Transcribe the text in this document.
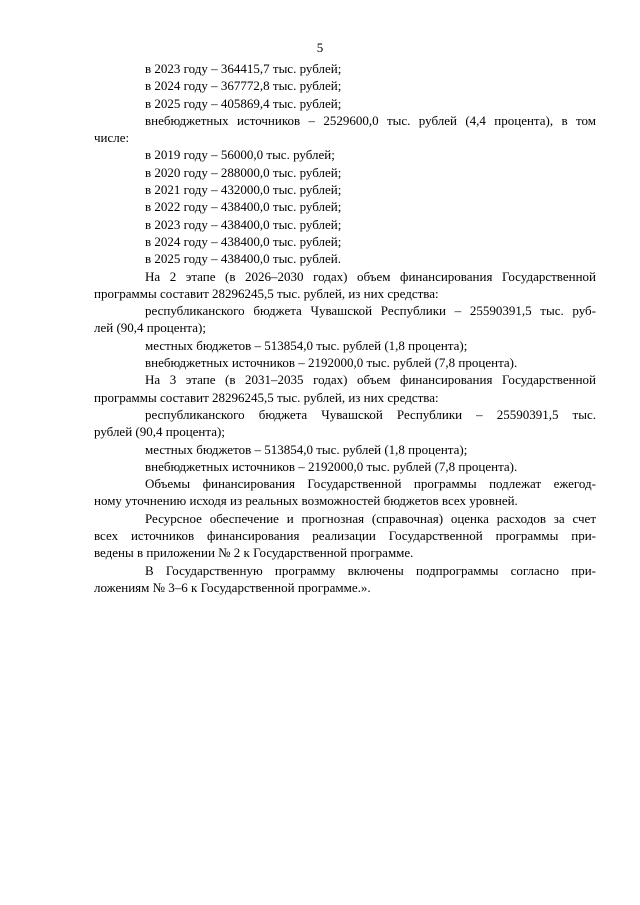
5
в 2023 году – 364415,7 тыс. рублей;
в 2024 году – 367772,8 тыс. рублей;
в 2025 году – 405869,4 тыс. рублей;
внебюджетных источников – 2529600,0 тыс. рублей (4,4 процента), в том
числе:
в 2019 году – 56000,0 тыс. рублей;
в 2020 году – 288000,0 тыс. рублей;
в 2021 году – 432000,0 тыс. рублей;
в 2022 году – 438400,0 тыс. рублей;
в 2023 году – 438400,0 тыс. рублей;
в 2024 году – 438400,0 тыс. рублей;
в 2025 году – 438400,0 тыс. рублей.
На 2 этапе (в 2026–2030 годах) объем финансирования Государственной
программы составит 28296245,5 тыс. рублей, из них средства:
республиканского бюджета Чувашской Республики – 25590391,5 тыс. руб-
лей (90,4 процента);
местных бюджетов – 513854,0 тыс. рублей (1,8 процента);
внебюджетных источников – 2192000,0 тыс. рублей (7,8 процента).
На 3 этапе (в 2031–2035 годах) объем финансирования Государственной
программы составит 28296245,5 тыс. рублей, из них средства:
республиканского бюджета Чувашской Республики – 25590391,5 тыс.
рублей (90,4 процента);
местных бюджетов – 513854,0 тыс. рублей (1,8 процента);
внебюджетных источников – 2192000,0 тыс. рублей (7,8 процента).
Объемы финансирования Государственной программы подлежат ежегод-
ному уточнению исходя из реальных возможностей бюджетов всех уровней.
Ресурсное обеспечение и прогнозная (справочная) оценка расходов за счет
всех источников финансирования реализации Государственной программы при-
ведены в приложении № 2 к Государственной программе.
В Государственную программу включены подпрограммы согласно при-
ложениям № 3–6 к Государственной программе.».
